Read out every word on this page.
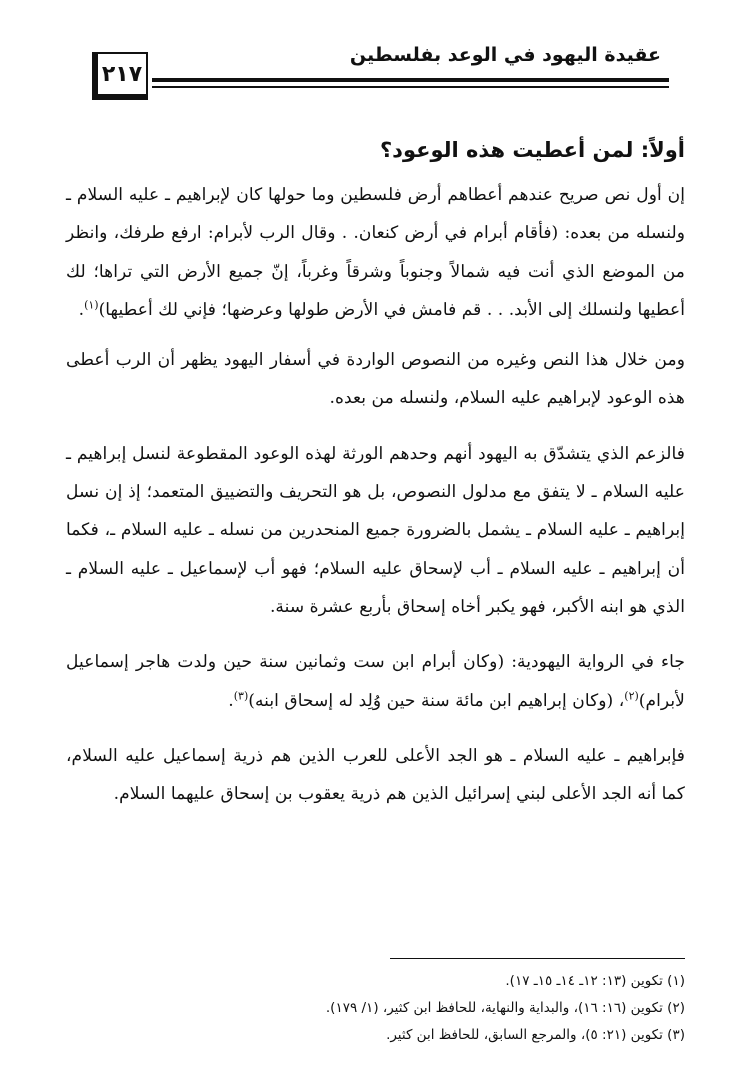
عقيدة اليهود في الوعد بفلسطين
٢١٧
أولاً: لمن أعطيت هذه الوعود؟

إن أول نص صريح عندهم أعطاهم أرض فلسطين وما حولها كان لإبراهيم ـ عليه السلام ـ ولنسله من بعده: (فأقام أبرام في أرض كنعان. . وقال الرب لأبرام: ارفع طرفك، وانظر من الموضع الذي أنت فيه شمالاً وجنوباً وشرقاً وغرباً، إنّ جميع الأرض التي تراها؛ لك أعطيها ولنسلك إلى الأبد. . . قم فامش في الأرض طولها وعرضها؛ فإني لك أعطيها)$^{(١)}$.

ومن خلال هذا النص وغيره من النصوص الواردة في أسفار اليهود يظهر أن الرب أعطى هذه الوعود لإبراهيم عليه السلام، ولنسله من بعده.

فالزعم الذي يتشدّق به اليهود أنهم وحدهم الورثة لهذه الوعود المقطوعة لنسل إبراهيم ـ عليه السلام ـ لا يتفق مع مدلول النصوص، بل هو التحريف والتضييق المتعمد؛ إذ إن نسل إبراهيم ـ عليه السلام ـ يشمل بالضرورة جميع المنحدرين من نسله ـ عليه السلام ـ، فكما أن إبراهيم ـ عليه السلام ـ أب لإسحاق عليه السلام؛ فهو أب لإسماعيل ـ عليه السلام ـ الذي هو ابنه الأكبر، فهو يكبر أخاه إسحاق بأربع عشرة سنة.

جاء في الرواية اليهودية: (وكان أبرام ابن ست وثمانين سنة حين ولدت هاجر إسماعيل لأبرام)$^{(٢)}$، (وكان إبراهيم ابن مائة سنة حين وُلِد له إسحاق ابنه)$^{(٣)}$.

فإبراهيم ـ عليه السلام ـ هو الجد الأعلى للعرب الذين هم ذرية إسماعيل عليه السلام، كما أنه الجد الأعلى لبني إسرائيل الذين هم ذرية يعقوب بن إسحاق عليهما السلام.

(١) تكوين (١٣: ١٢ـ ١٤ـ ١٥ـ ١٧).
(٢) تكوين (١٦: ١٦)، والبداية والنهاية، للحافظ ابن كثير، (١/ ١٧٩).
(٣) تكوين (٢١: ٥)، والمرجع السابق، للحافظ ابن كثير.
